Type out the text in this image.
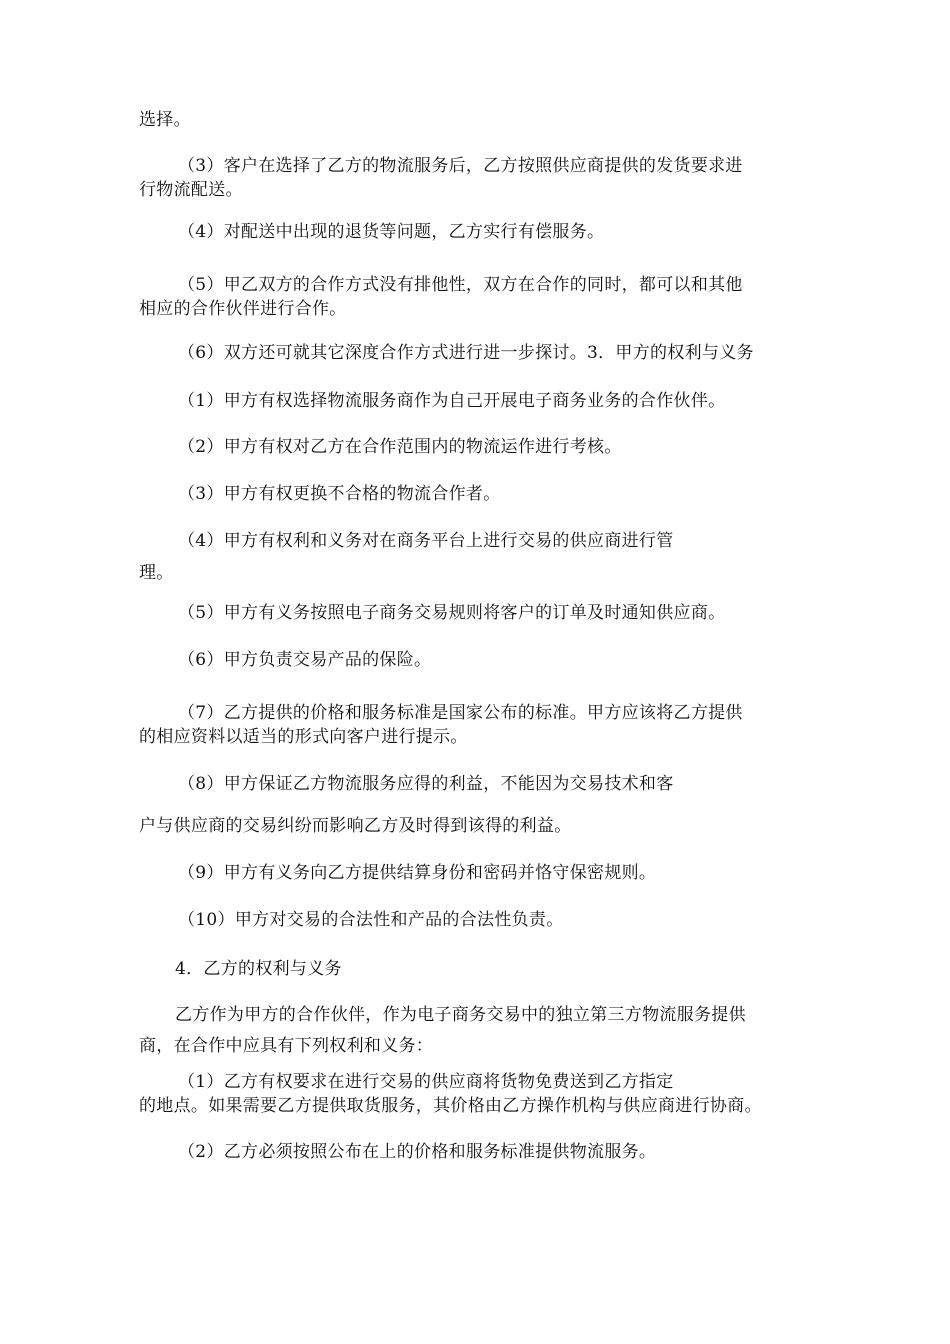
选择。
（3）客户在选择了乙方的物流服务后，乙方按照供应商提供的发货要求进
行物流配送。
（4）对配送中出现的退货等问题，乙方实行有偿服务。
（5）甲乙双方的合作方式没有排他性，双方在合作的同时，都可以和其他
相应的合作伙伴进行合作。
（6）双方还可就其它深度合作方式进行进一步探讨。3．甲方的权利与义务
（1）甲方有权选择物流服务商作为自己开展电子商务业务的合作伙伴。
（2）甲方有权对乙方在合作范围内的物流运作进行考核。
（3）甲方有权更换不合格的物流合作者。
（4）甲方有权利和义务对在商务平台上进行交易的供应商进行管
理。
（5）甲方有义务按照电子商务交易规则将客户的订单及时通知供应商。
（6）甲方负责交易产品的保险。
（7）乙方提供的价格和服务标准是国家公布的标准。甲方应该将乙方提供
的相应资料以适当的形式向客户进行提示。
（8）甲方保证乙方物流服务应得的利益，不能因为交易技术和客
户与供应商的交易纠纷而影响乙方及时得到该得的利益。
（9）甲方有义务向乙方提供结算身份和密码并恪守保密规则。
（10）甲方对交易的合法性和产品的合法性负责。
4．乙方的权利与义务
乙方作为甲方的合作伙伴，作为电子商务交易中的独立第三方物流服务提供
商，在合作中应具有下列权利和义务：
（1）乙方有权要求在进行交易的供应商将货物免费送到乙方指定
的地点。如果需要乙方提供取货服务，其价格由乙方操作机构与供应商进行协商。
（2）乙方必须按照公布在上的价格和服务标准提供物流服务。
